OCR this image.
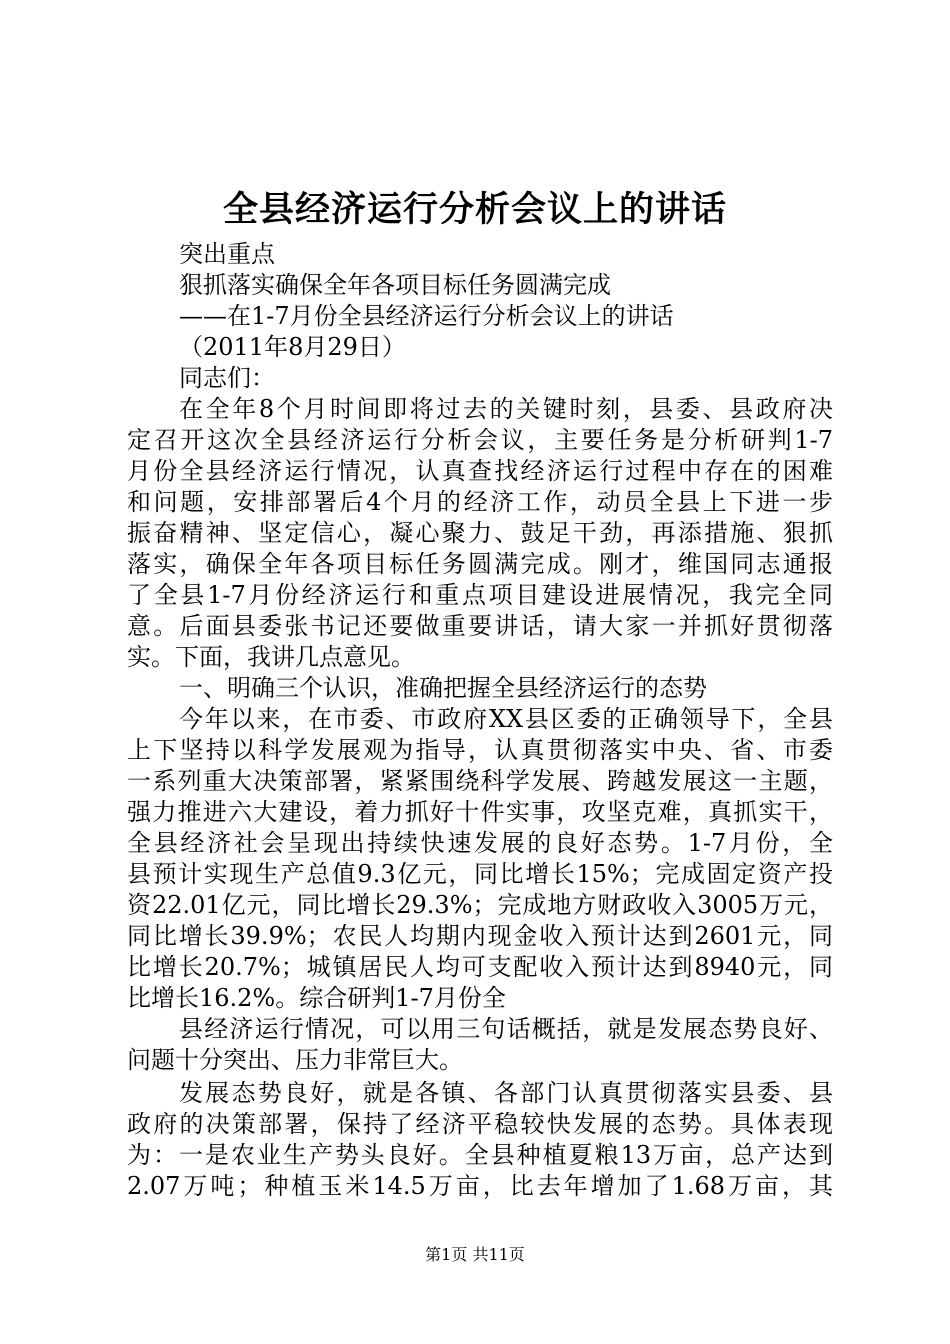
全县经济运行分析会议上的讲话
突出重点
狠抓落实确保全年各项目标任务圆满完成
——在1-7月份全县经济运行分析会议上的讲话
（2011年8月29日）
同志们：
在全年8个月时间即将过去的关键时刻，县委、县政府决
定召开这次全县经济运行分析会议，主要任务是分析研判1-7
月份全县经济运行情况，认真查找经济运行过程中存在的困难
和问题，安排部署后4个月的经济工作，动员全县上下进一步
振奋精神、坚定信心，凝心聚力、鼓足干劲，再添措施、狠抓
落实，确保全年各项目标任务圆满完成。刚才，维国同志通报
了全县1-7月份经济运行和重点项目建设进展情况，我完全同
意。后面县委张书记还要做重要讲话，请大家一并抓好贯彻落
实。下面，我讲几点意见。
一、明确三个认识，准确把握全县经济运行的态势
今年以来，在市委、市政府XX县区委的正确领导下，全县
上下坚持以科学发展观为指导，认真贯彻落实中央、省、市委
一系列重大决策部署，紧紧围绕科学发展、跨越发展这一主题，
强力推进六大建设，着力抓好十件实事，攻坚克难，真抓实干，
全县经济社会呈现出持续快速发展的良好态势。1-7月份，全
县预计实现生产总值9.3亿元，同比增长15%；完成固定资产投
资22.01亿元，同比增长29.3%；完成地方财政收入3005万元，
同比增长39.9%；农民人均期内现金收入预计达到2601元，同
比增长20.7%；城镇居民人均可支配收入预计达到8940元，同
比增长16.2%。综合研判1-7月份全
县经济运行情况，可以用三句话概括，就是发展态势良好、
问题十分突出、压力非常巨大。
发展态势良好，就是各镇、各部门认真贯彻落实县委、县
政府的决策部署，保持了经济平稳较快发展的态势。具体表现
为：一是农业生产势头良好。全县种植夏粮13万亩，总产达到
2.07万吨；种植玉米14.5万亩，比去年增加了1.68万亩，其
第1页 共11页
